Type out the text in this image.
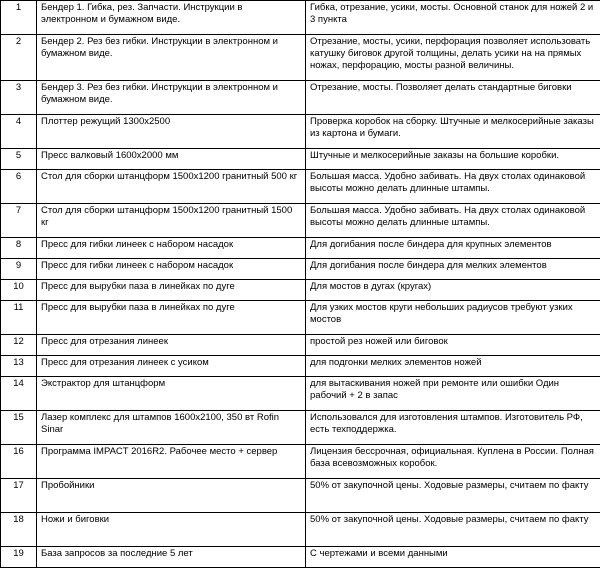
1	Бендер 1. Гибка, рез. Запчасти. Инструкции в электронном и бумажном виде.	Гибка, отрезание, усики, мосты. Основной станок для ножей 2 и 3 пункта
2	Бендер 2. Рез без гибки. Инструкции в электронном и бумажном виде.	Отрезание, мосты, усики, перфорация позволяет использовать катушку биговок другой толщины, делать усики на на прямых ножах, перфорацию, мосты разной величины.
3	Бендер 3. Рез без гибки. Инструкции в электронном и бумажном виде.	Отрезание, мосты. Позволяет делать стандартные биговки
4	Плоттер режущий 1300х2500	Проверка коробок на сборку. Штучные и мелкосерийные заказы из картона и бумаги.
5	Пресс валковый 1600х2000 мм	Штучные и мелкосерийные заказы на большие коробки.
6	Стол для сборки штанцформ 1500х1200 гранитный 500 кг	Большая масса. Удобно забивать. На двух столах одинаковой высоты можно делать длинные штампы.
7	Стол для сборки штанцформ 1500х1200 гранитный 1500 кг	Большая масса. Удобно забивать. На двух столах одинаковой высоты можно делать длинные штампы.
8	Пресс для гибки линеек с набором насадок	Для догибания после биндера для крупных элементов
9	Пресс для гибки линеек с набором насадок	Для догибания после биндера для мелких элементов
10	Пресс для вырубки паза в линейках по дуге	Для мостов в дугах (кругах)
11	Пресс для вырубки паза в линейках по дуге	Для узких мостов круги небольших радиусов требуют узких мостов
12	Пресс для отрезания линеек	простой рез ножей или биговок
13	Пресс для отрезания линеек с усиком	для подгонки мелких элементов ножей
14	Экстрактор для штанцформ	для вытаскивания ножей при ремонте или ошибки Один рабочий + 2 в запас
15	Лазер комплекс для штампов 1600х2100, 350 вт Rofin Sinar	Использовался для изготовления штампов. Изготовитель РФ, есть техподдержка.
16	Программа IMPACT 2016R2. Рабочее место + сервер	Лицензия бессрочная, официальная. Куплена в России. Полная база всевозможных коробок.
17	Пробойники	50% от закупочной цены. Ходовые размеры, считаем по факту
18	Ножи и биговки	50% от закупочной цены. Ходовые размеры, считаем по факту
19	База запросов за последние 5 лет	С чертежами и всеми данными
